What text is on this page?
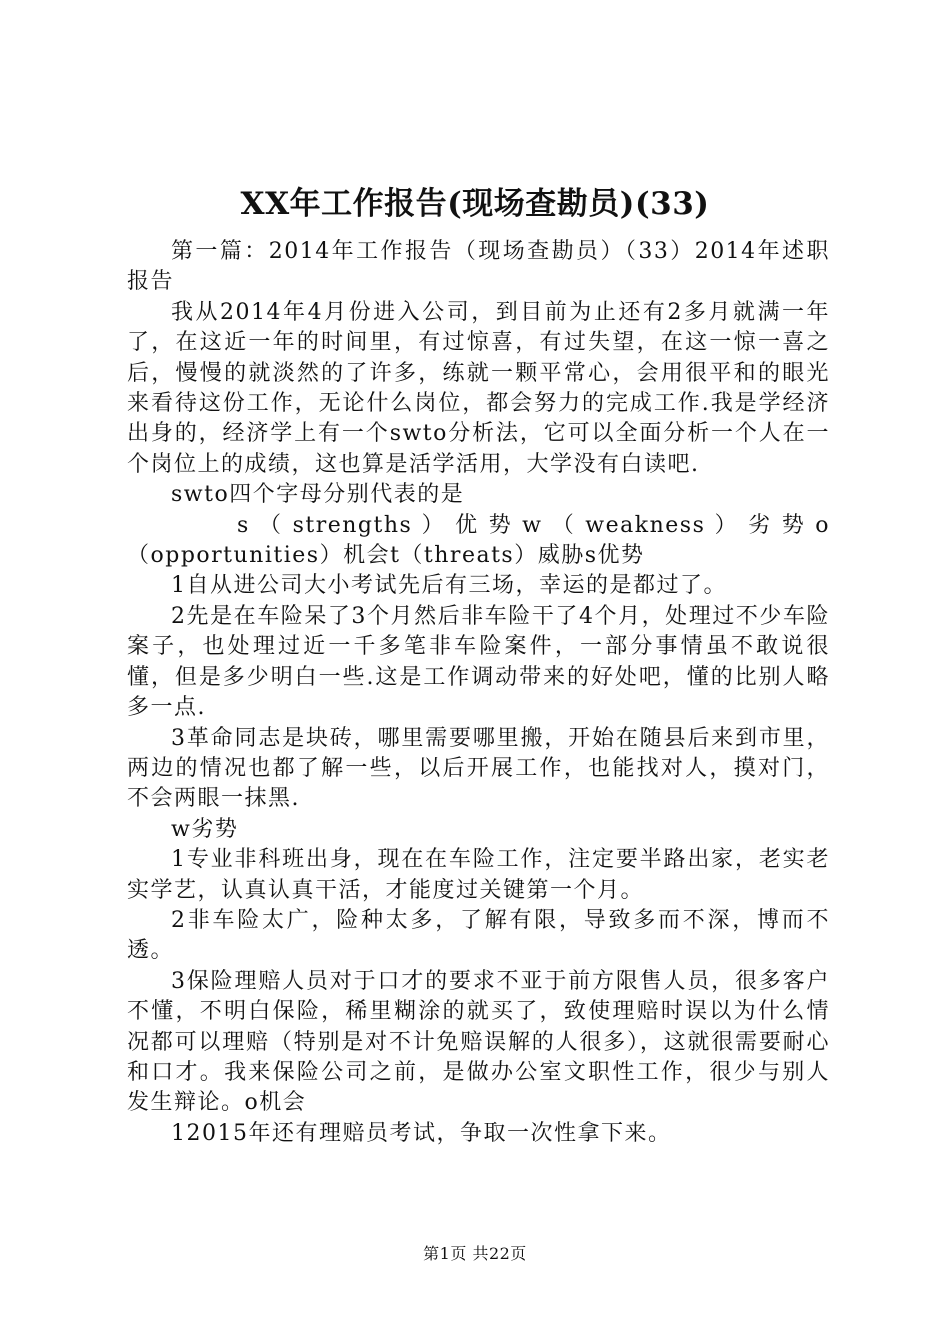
XX年工作报告(现场查勘员)(33)

第一篇：2014年工作报告（现场查勘员）（33）2014年述职报告

我从2014年4月份进入公司，到目前为止还有2多月就满一年了，在这近一年的时间里，有过惊喜，有过失望，在这一惊一喜之后，慢慢的就淡然的了许多，练就一颗平常心，会用很平和的眼光来看待这份工作，无论什么岗位，都会努力的完成工作.我是学经济出身的，经济学上有一个swto分析法，它可以全面分析一个人在一个岗位上的成绩，这也算是活学活用，大学没有白读吧.

swto四个字母分别代表的是

s （ strengths ） 优 势 w （ weakness ） 劣 势 o（opportunities）机会t（threats）威胁s优势

1自从进公司大小考试先后有三场，幸运的是都过了。

2先是在车险呆了3个月然后非车险干了4个月，处理过不少车险案子，也处理过近一千多笔非车险案件，一部分事情虽不敢说很懂，但是多少明白一些.这是工作调动带来的好处吧，懂的比别人略多一点.

3革命同志是块砖，哪里需要哪里搬，开始在随县后来到市里，两边的情况也都了解一些，以后开展工作，也能找对人，摸对门，不会两眼一抹黑.

w劣势

1专业非科班出身，现在在车险工作，注定要半路出家，老实老实学艺，认真认真干活，才能度过关键第一个月。

2非车险太广，险种太多，了解有限，导致多而不深，博而不透。

3保险理赔人员对于口才的要求不亚于前方限售人员，很多客户不懂，不明白保险，稀里糊涂的就买了，致使理赔时误以为什么情况都可以理赔（特别是对不计免赔误解的人很多），这就很需要耐心和口才。我来保险公司之前，是做办公室文职性工作，很少与别人发生辩论。o机会

12015年还有理赔员考试，争取一次性拿下来。

第1页 共22页
